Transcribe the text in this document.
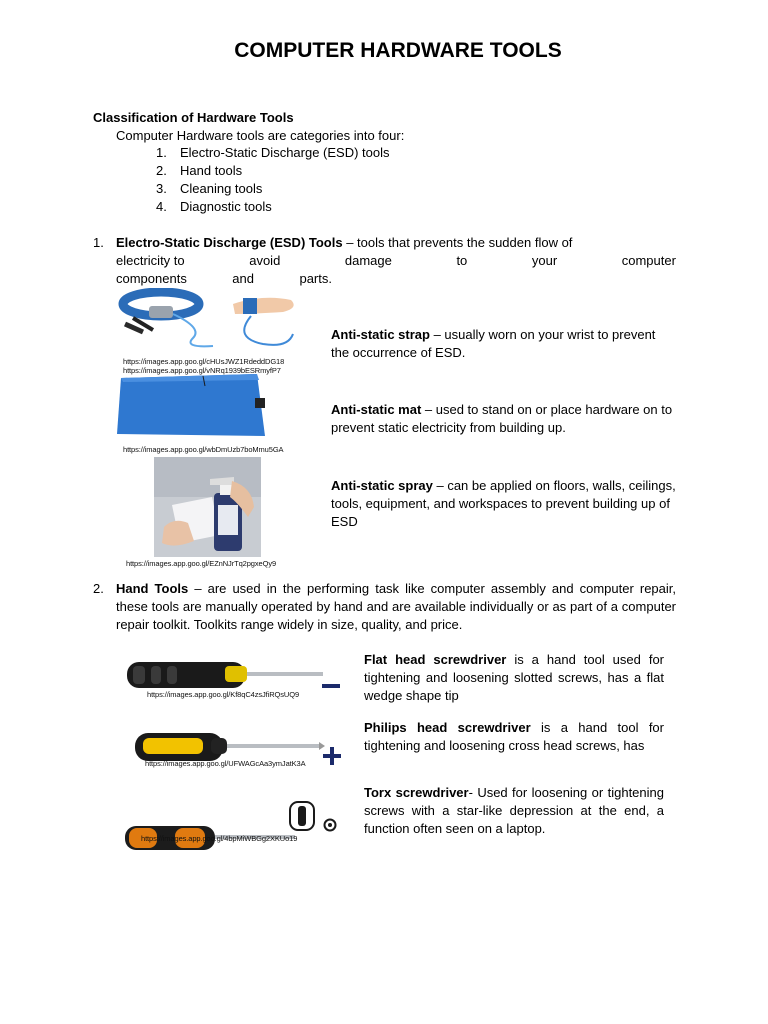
COMPUTER HARDWARE TOOLS
Classification of Hardware Tools
Computer Hardware tools are categories into four:
1. Electro-Static Discharge (ESD) tools
2. Hand tools
3. Cleaning tools
4. Diagnostic tools
1. Electro-Static Discharge (ESD) Tools – tools that prevents the sudden flow of
electricity to	avoid	damage	to	your	computer
components	and	parts.
https://images.app.goo.gl/cHUsJWZ1RdeddDG18
https://images.app.goo.gl/vNRq1939bESRmyfP7
https://images.app.goo.gl/wbDmUzb7boMmu5GA
https://images.app.goo.gl/EZnNJrTq2pgxeQy9
Anti-static strap – usually worn on your wrist to prevent the occurrence of ESD.
Anti-static mat – used to stand on or place hardware on to prevent static electricity from building up.
Anti-static spray – can be applied on floors, walls, ceilings, tools, equipment, and workspaces to prevent building up of ESD
2. Hand Tools – are used in the performing task like computer assembly and computer repair, these tools are manually operated by hand and are available individually or as part of a computer repair toolkit. Toolkits range widely in size, quality, and price.
https://images.app.goo.gl/Kf8qC4zsJfiRQsUQ9
https://images.app.goo.gl/UFWAGcAa3ymJatK3A
https://images.app.goo.gl/4bpMiWBGg2XKUo19
Flat head screwdriver is a hand tool used for tightening and loosening slotted screws, has a flat wedge shape tip
Philips head screwdriver is a hand tool for tightening and loosening cross head screws, has
Torx screwdriver- Used for loosening or tightening screws with a star-like depression at the end, a function often seen on a laptop.
